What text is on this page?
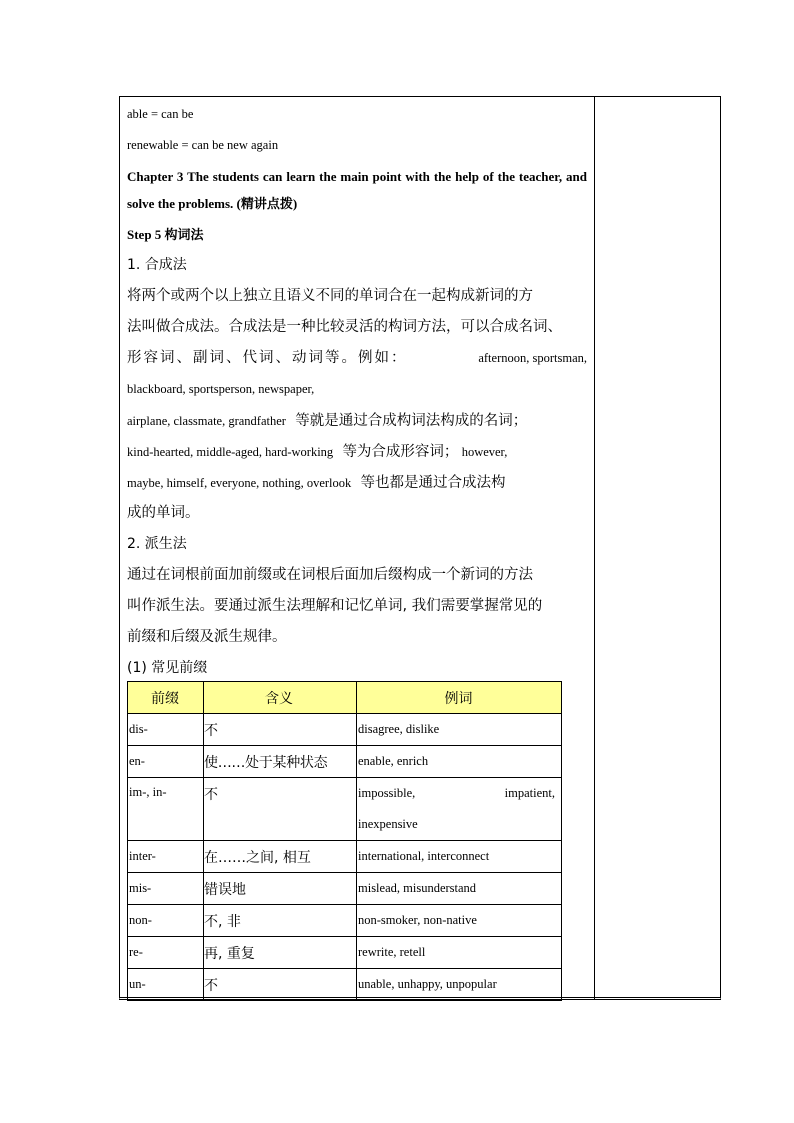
able = can be
renewable = can be new again
Chapter 3 The students can learn the main point with the help of the teacher, and solve the problems. (精讲点拨)
Step 5 构词法
1. 合成法
将两个或两个以上独立且语义不同的单词合在一起构成新词的方
法叫做合成法。合成法是一种比较灵活的构词方法，可以合成名词、
形容词、副词、代词、动词等。例如：	afternoon, sportsman,
blackboard, sportsperson, newspaper,
airplane, classmate, grandfather 等就是通过合成构词法构成的名词；
kind-hearted, middle-aged, hard-working 等为合成形容词； however,
maybe, himself, everyone, nothing, overlook 等也都是通过合成法构
成的单词。
2. 派生法
通过在词根前面加前缀或在词根后面加后缀构成一个新词的方法
叫作派生法。要通过派生法理解和记忆单词, 我们需要掌握常见的
前缀和后缀及派生规律。
(1) 常见前缀
前缀	含义	例词
dis-	不	disagree, dislike
en-	使……处于某种状态	enable, enrich
im-, in-	不	impossible, impatient,
inexpensive

inter-	在……之间, 相互	international, interconnect
mis-	错误地	mislead, misunderstand
non-	不, 非	non-smoker, non-native
re-	再, 重复	rewrite, retell
un-	不	unable, unhappy, unpopular
